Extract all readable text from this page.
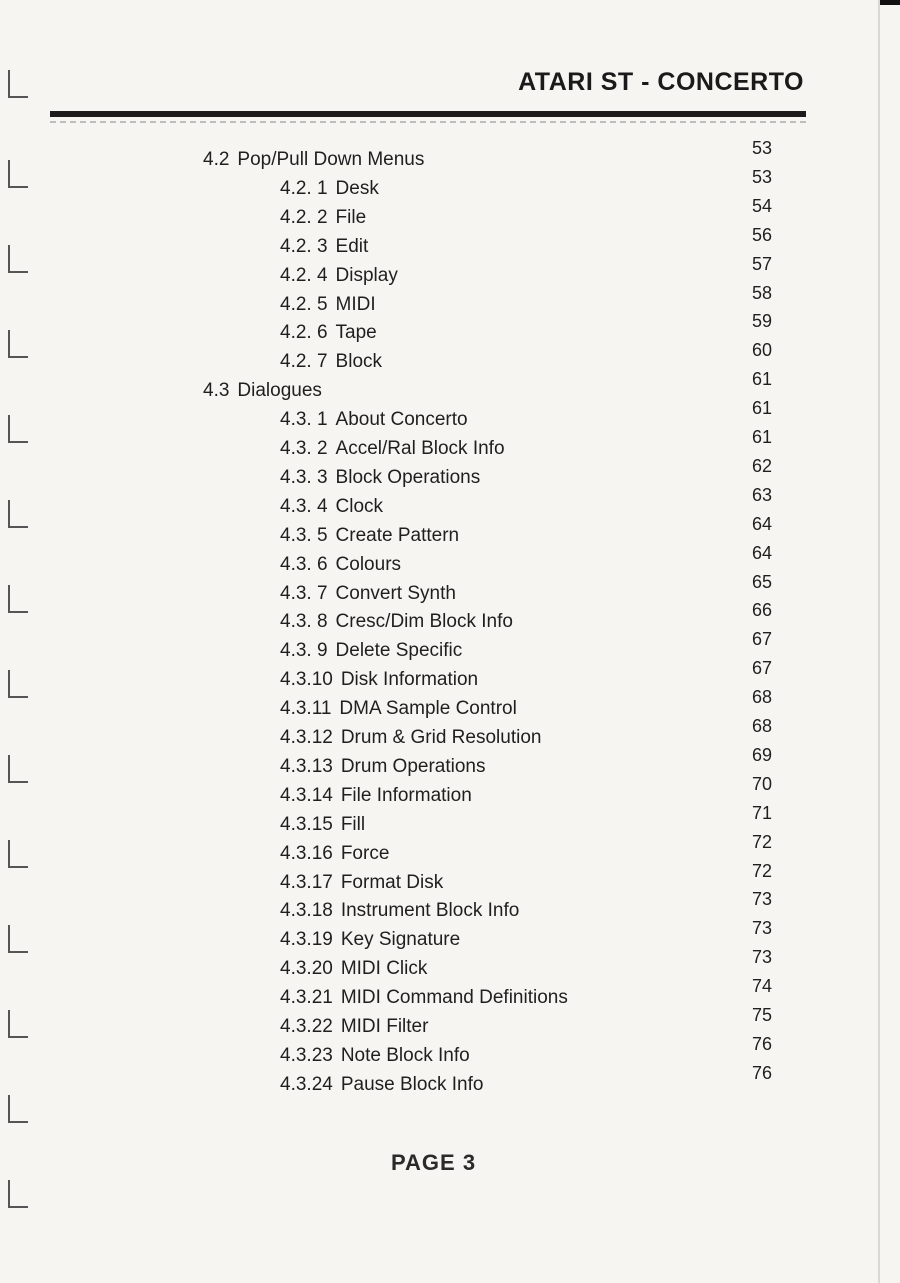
ATARI ST - CONCERTO
4.2 Pop/Pull Down Menus
53
4.2. 1 Desk
53
4.2. 2 File
54
4.2. 3 Edit
56
4.2. 4 Display
57
4.2. 5 MIDI
58
4.2. 6 Tape
59
4.2. 7 Block
60
4.3 Dialogues
61
4.3. 1 About Concerto
61
4.3. 2 Accel/Ral Block Info
61
4.3. 3 Block Operations
62
4.3. 4 Clock
63
4.3. 5 Create Pattern
64
4.3. 6 Colours
64
4.3. 7 Convert Synth
65
4.3. 8 Cresc/Dim Block Info
66
4.3. 9 Delete Specific
67
4.3.10 Disk Information
67
4.3.11 DMA Sample Control
68
4.3.12 Drum & Grid Resolution
68
4.3.13 Drum Operations
69
4.3.14 File Information
70
4.3.15 Fill
71
4.3.16 Force
72
4.3.17 Format Disk
72
4.3.18 Instrument Block Info
73
4.3.19 Key Signature
73
4.3.20 MIDI Click
73
4.3.21 MIDI Command Definitions
74
4.3.22 MIDI Filter
75
4.3.23 Note Block Info
76
4.3.24 Pause Block Info
76
PAGE 3
